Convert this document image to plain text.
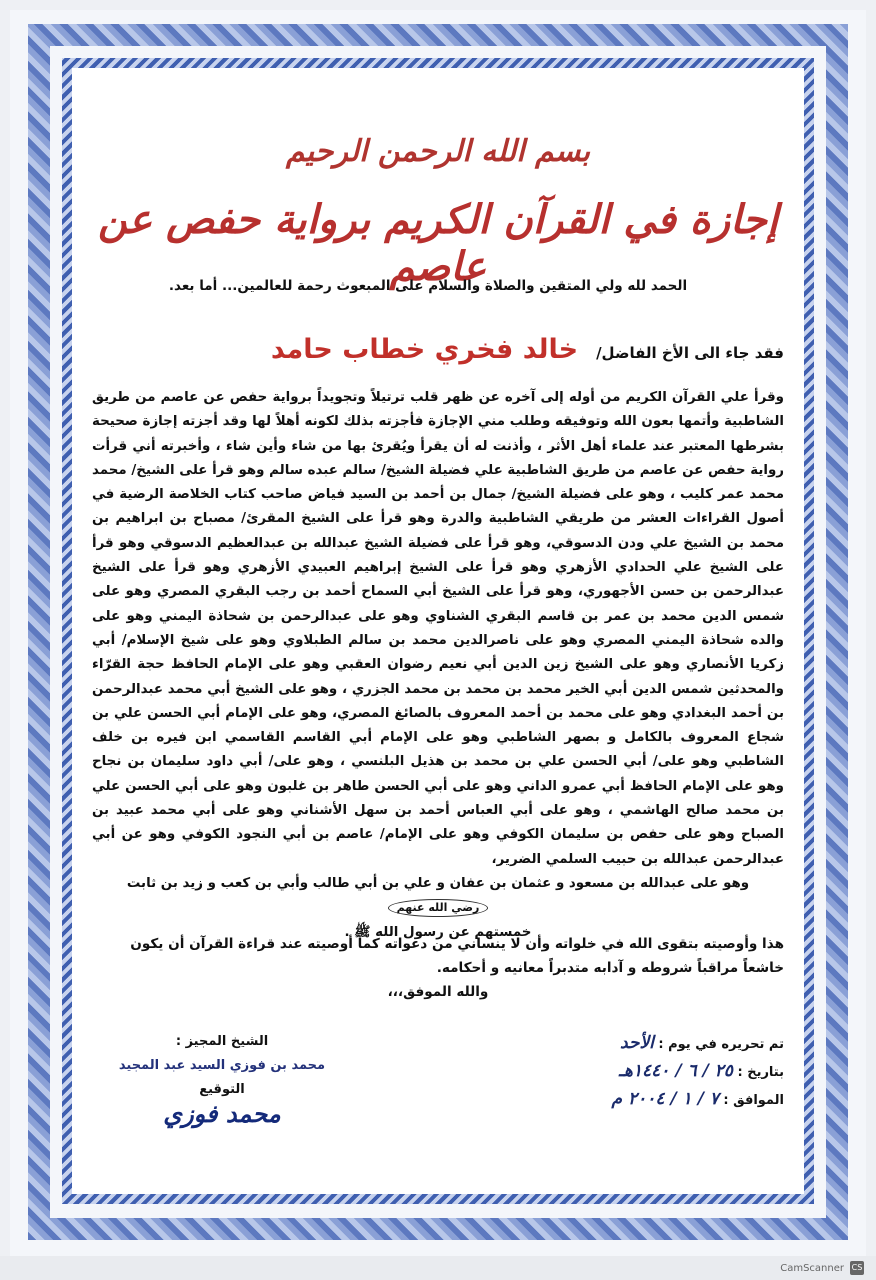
بسم الله الرحمن الرحيم
إجازة في القرآن الكريم برواية حفص عن عاصم
الحمد لله ولي المتقين والصلاة والسلام على المبعوث رحمة للعالمين... أما بعد.
فقد جاء الى الأخ الفاضل/
خالد فخري خطاب حامد
وقرأ علي القرآن الكريم من أوله إلى آخره عن ظهر قلب ترتيلاً وتجويداً برواية حفص عن عاصم من طريق الشاطبية وأتمها بعون الله وتوفيقه وطلب مني الإجازة فأجزته بذلك لكونه أهلاً لها وقد أجزته إجازة صحيحة بشرطها المعتبر عند علماء أهل الأثر ، وأذنت له أن يقرأ ويُقرئ بها من شاء وأين شاء ، وأخبرته أني قرأت رواية حفص عن عاصم من طريق الشاطبية علي فضيلة الشيخ/ سالم عبده سالم وهو قرأ على الشيخ/ محمد محمد عمر كليب ، وهو على فضيلة الشيخ/ جمال بن أحمد بن السيد فياض صاحب كتاب الخلاصة الرضية في أصول القراءات العشر من طريقي الشاطبية والدرة وهو قرأ على الشيخ المقرئ/ مصباح بن ابراهيم بن محمد بن الشيخ علي ودن الدسوقي، وهو قرأ على فضيلة الشيخ عبدالله بن عبدالعظيم الدسوقي وهو قرأ على الشيخ علي الحدادي الأزهري وهو قرأ على الشيخ إبراهيم العبيدي الأزهري وهو قرأ على الشيخ عبدالرحمن بن حسن الأجهوري، وهو قرأ على الشيخ أبي السماح أحمد بن رجب البقري المصري وهو على شمس الدين محمد بن عمر بن قاسم البقري الشناوي وهو على عبدالرحمن بن شحاذة اليمني وهو على والده شحاذة اليمني المصري وهو على ناصرالدين محمد بن سالم الطبلاوي وهو على شيخ الإسلام/ أبي زكريا الأنصاري وهو على الشيخ زين الدين أبي نعيم رضوان العقبي وهو على الإمام الحافظ حجة القرّاء والمحدثين شمس الدين أبي الخير محمد بن محمد بن محمد الجزري ، وهو على الشيخ أبي محمد عبدالرحمن بن أحمد البغدادي وهو على محمد بن أحمد المعروف بالصائغ المصري، وهو على الإمام أبي الحسن علي بن شجاع المعروف بالكامل و بصهر الشاطبي وهو على الإمام أبي القاسم القاسمي ابن فيره بن خلف الشاطبي وهو على/ أبي الحسن علي بن محمد بن هذيل البلنسي ، وهو على/ أبي داود سليمان بن نجاح وهو على الإمام الحافظ أبي عمرو الداني وهو على أبي الحسن طاهر بن غلبون وهو على أبي الحسن علي بن محمد صالح الهاشمي ، وهو على أبي العباس أحمد بن سهل الأشناني وهو على أبي محمد عبيد بن الصباح وهو على حفص بن سليمان الكوفي وهو على الإمام/ عاصم بن أبي النجود الكوفي وهو عن أبي عبدالرحمن عبدالله بن حبيب السلمي الضرير،
وهو على عبدالله بن مسعود و عثمان بن عفان و علي بن أبي طالب وأبي بن كعب و زيد بن ثابت رضي الله عنهم
خمستهم عن رسول الله ﷺ .
هذا وأوصيته بتقوى الله في خلواته وأن لا ينساني من دعواته كما أوصيته عند قراءة القرآن أن يكون خاشعاً مراقباً شروطه و آدابه متدبراً معانيه و أحكامه.
والله الموفق،،،
تم تحريره في يوم : الأحد
بتاريخ : ٢٥ / ٦ / ١٤٤٠هـ
الموافق : ٧ / ١ / ٢٠٠٤ م
الشيخ المجيز :
محمد بن فوزي السيد عبد المجيد
التوقيع
محمد فوزي
CamScanner CS
